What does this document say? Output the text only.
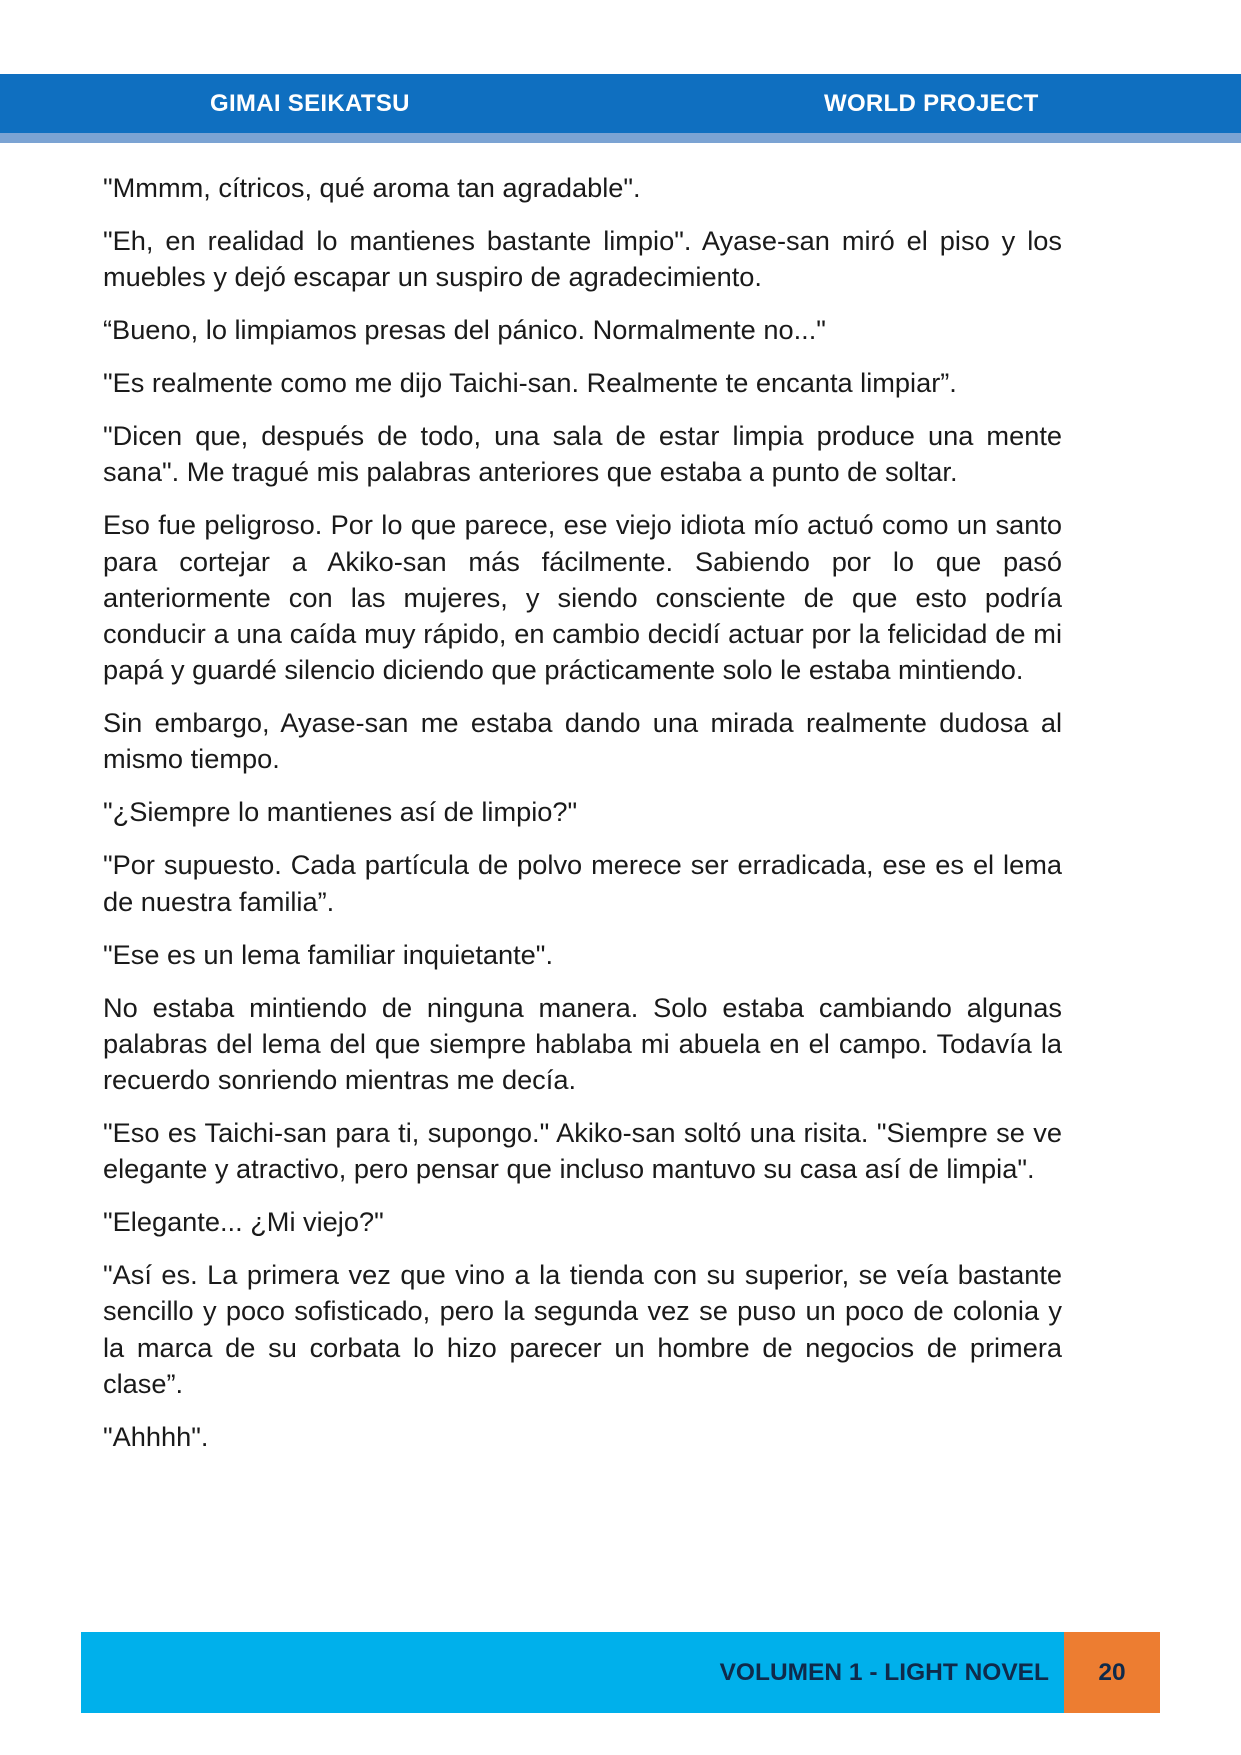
GIMAI SEIKATSU	WORLD PROJECT

"Mmmm, cítricos, qué aroma tan agradable".

"Eh, en realidad lo mantienes bastante limpio". Ayase-san miró el piso y los muebles y dejó escapar un suspiro de agradecimiento.

“Bueno, lo limpiamos presas del pánico. Normalmente no..."

"Es realmente como me dijo Taichi-san. Realmente te encanta limpiar”.

"Dicen que, después de todo, una sala de estar limpia produce una mente sana". Me tragué mis palabras anteriores que estaba a punto de soltar.

Eso fue peligroso. Por lo que parece, ese viejo idiota mío actuó como un santo para cortejar a Akiko-san más fácilmente. Sabiendo por lo que pasó anteriormente con las mujeres, y siendo consciente de que esto podría conducir a una caída muy rápido, en cambio decidí actuar por la felicidad de mi papá y guardé silencio diciendo que prácticamente solo le estaba mintiendo.

Sin embargo, Ayase-san me estaba dando una mirada realmente dudosa al mismo tiempo.

"¿Siempre lo mantienes así de limpio?"

"Por supuesto. Cada partícula de polvo merece ser erradicada, ese es el lema de nuestra familia”.

"Ese es un lema familiar inquietante".

No estaba mintiendo de ninguna manera. Solo estaba cambiando algunas palabras del lema del que siempre hablaba mi abuela en el campo. Todavía la recuerdo sonriendo mientras me decía.

"Eso es Taichi-san para ti, supongo." Akiko-san soltó una risita. "Siempre se ve elegante y atractivo, pero pensar que incluso mantuvo su casa así de limpia".

"Elegante... ¿Mi viejo?"

"Así es. La primera vez que vino a la tienda con su superior, se veía bastante sencillo y poco sofisticado, pero la segunda vez se puso un poco de colonia y la marca de su corbata lo hizo parecer un hombre de negocios de primera clase”.

"Ahhhh".

VOLUMEN 1 - LIGHT NOVEL	20
